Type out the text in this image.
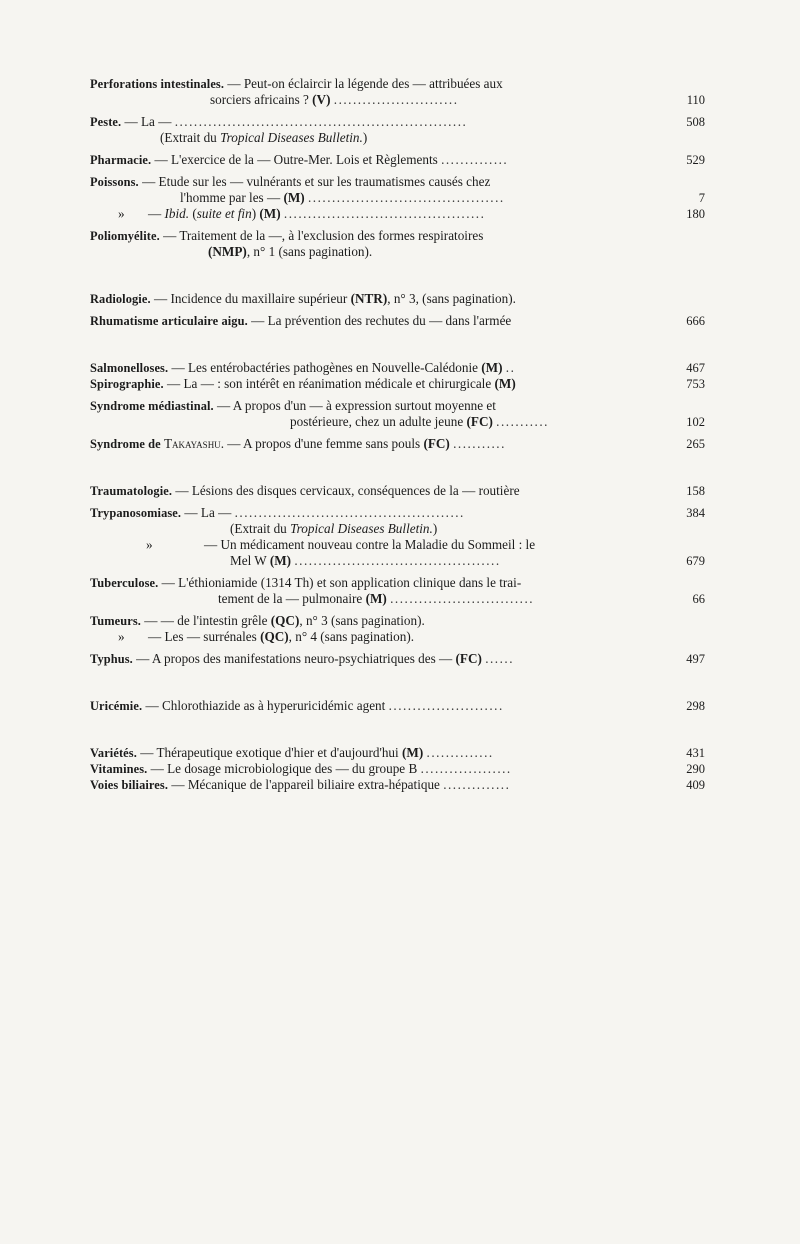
Perforations intestinales. — Peut-on éclaircir la légende des — attribuées aux
sorciers africains ? (V) ..........................	110
Peste. — La — .............................................................	508
(Extrait du Tropical Diseases Bulletin.)
Pharmacie. — L'exercice de la — Outre-Mer. Lois et Règlements ..............	529
Poissons. — Etude sur les — vulnérants et sur les traumatismes causés chez
l'homme par les — (M) .........................................	7
» — Ibid. (suite et fin) (M) ..........................................	180
Poliomyélite. — Traitement de la —, à l'exclusion des formes respiratoires
(NMP), n° 1 (sans pagination).
Radiologie. — Incidence du maxillaire supérieur (NTR), n° 3, (sans pagination).
Rhumatisme articulaire aigu. — La prévention des rechutes du — dans l'armée	666
Salmonelloses. — Les entérobactéries pathogènes en Nouvelle-Calédonie (M) ..	467
Spirographie. — La — : son intérêt en réanimation médicale et chirurgicale (M)	753
Syndrome médiastinal. — A propos d'un — à expression surtout moyenne et
postérieure, chez un adulte jeune (FC) ...........	102
Syndrome de Takayashu. — A propos d'une femme sans pouls (FC) ...........	265
Traumatologie. — Lésions des disques cervicaux, conséquences de la — routière	158
Trypanosomiase. — La — ................................................	384
(Extrait du Tropical Diseases Bulletin.)
»	— Un médicament nouveau contre la Maladie du Sommeil : le
Mel W (M) ...........................................	679
Tuberculose. — L'éthioniamide (1314 Th) et son application clinique dans le trai-
tement de la — pulmonaire (M) ..............................	66
Tumeurs. — — de l'intestin grêle (QC), n° 3 (sans pagination).
» — Les — surrénales (QC), n° 4 (sans pagination).
Typhus. — A propos des manifestations neuro-psychiatriques des — (FC) ......	497
Uricémie. — Chlorothiazide as à hyperuricidémic agent ........................	298
Variétés. — Thérapeutique exotique d'hier et d'aujourd'hui (M) ..............	431
Vitamines. — Le dosage microbiologique des — du groupe B ...................	290
Voies biliaires. — Mécanique de l'appareil biliaire extra-hépatique ..............	409
